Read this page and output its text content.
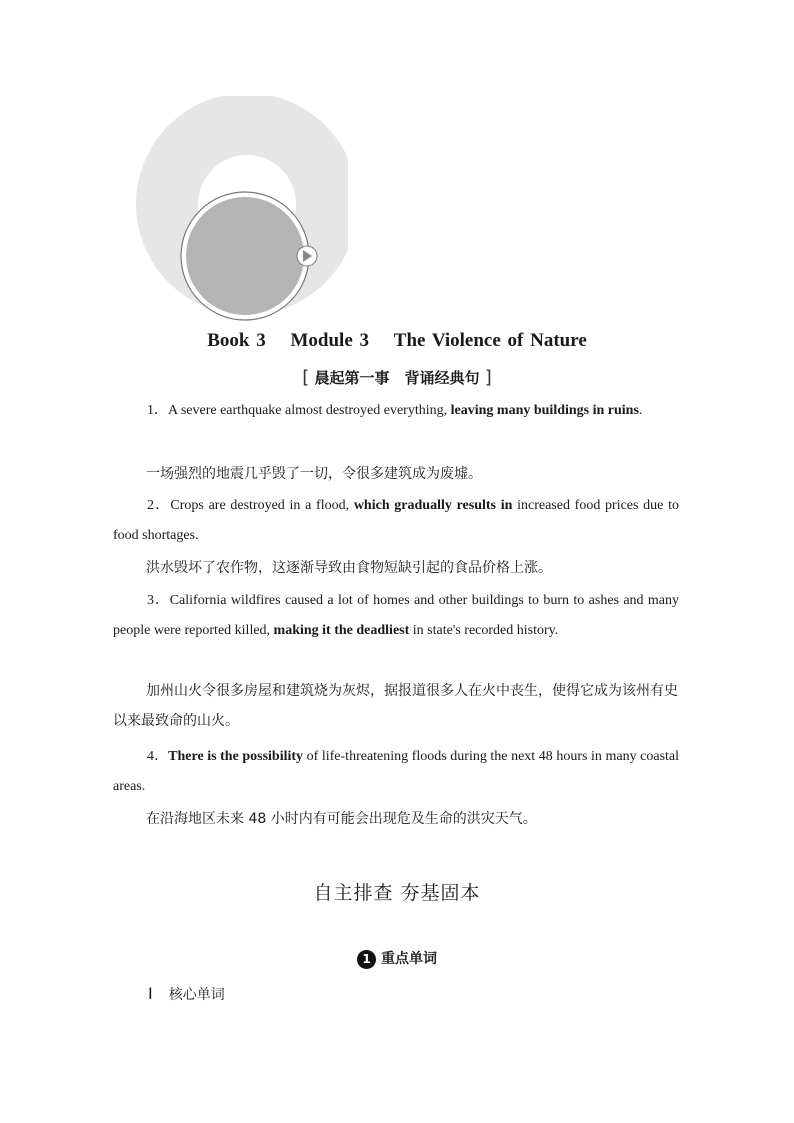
Book 3 Module 3 The Violence of Nature
[ 晨起第一事　背诵经典句 ]
1．A severe earthquake almost destroyed everything, leaving many buildings in ruins.
一场强烈的地震几乎毁了一切，令很多建筑成为废墟。
2．Crops are destroyed in a flood, which gradually results in increased food prices due to food shortages.
洪水毁坏了农作物，这逐渐导致由食物短缺引起的食品价格上涨。
3．California wildfires caused a lot of homes and other buildings to burn to ashes and many people were reported killed, making it the deadliest in state's recorded history.
加州山火令很多房屋和建筑烧为灰烬，据报道很多人在火中丧生，使得它成为该州有史以来最致命的山火。
4．There is the possibility of life-threatening floods during the next 48 hours in many coastal areas.
在沿海地区未来 48 小时内有可能会出现危及生命的洪灾天气。
自主排查 夯基固本
1 重点单词
Ⅰ 核心单词
